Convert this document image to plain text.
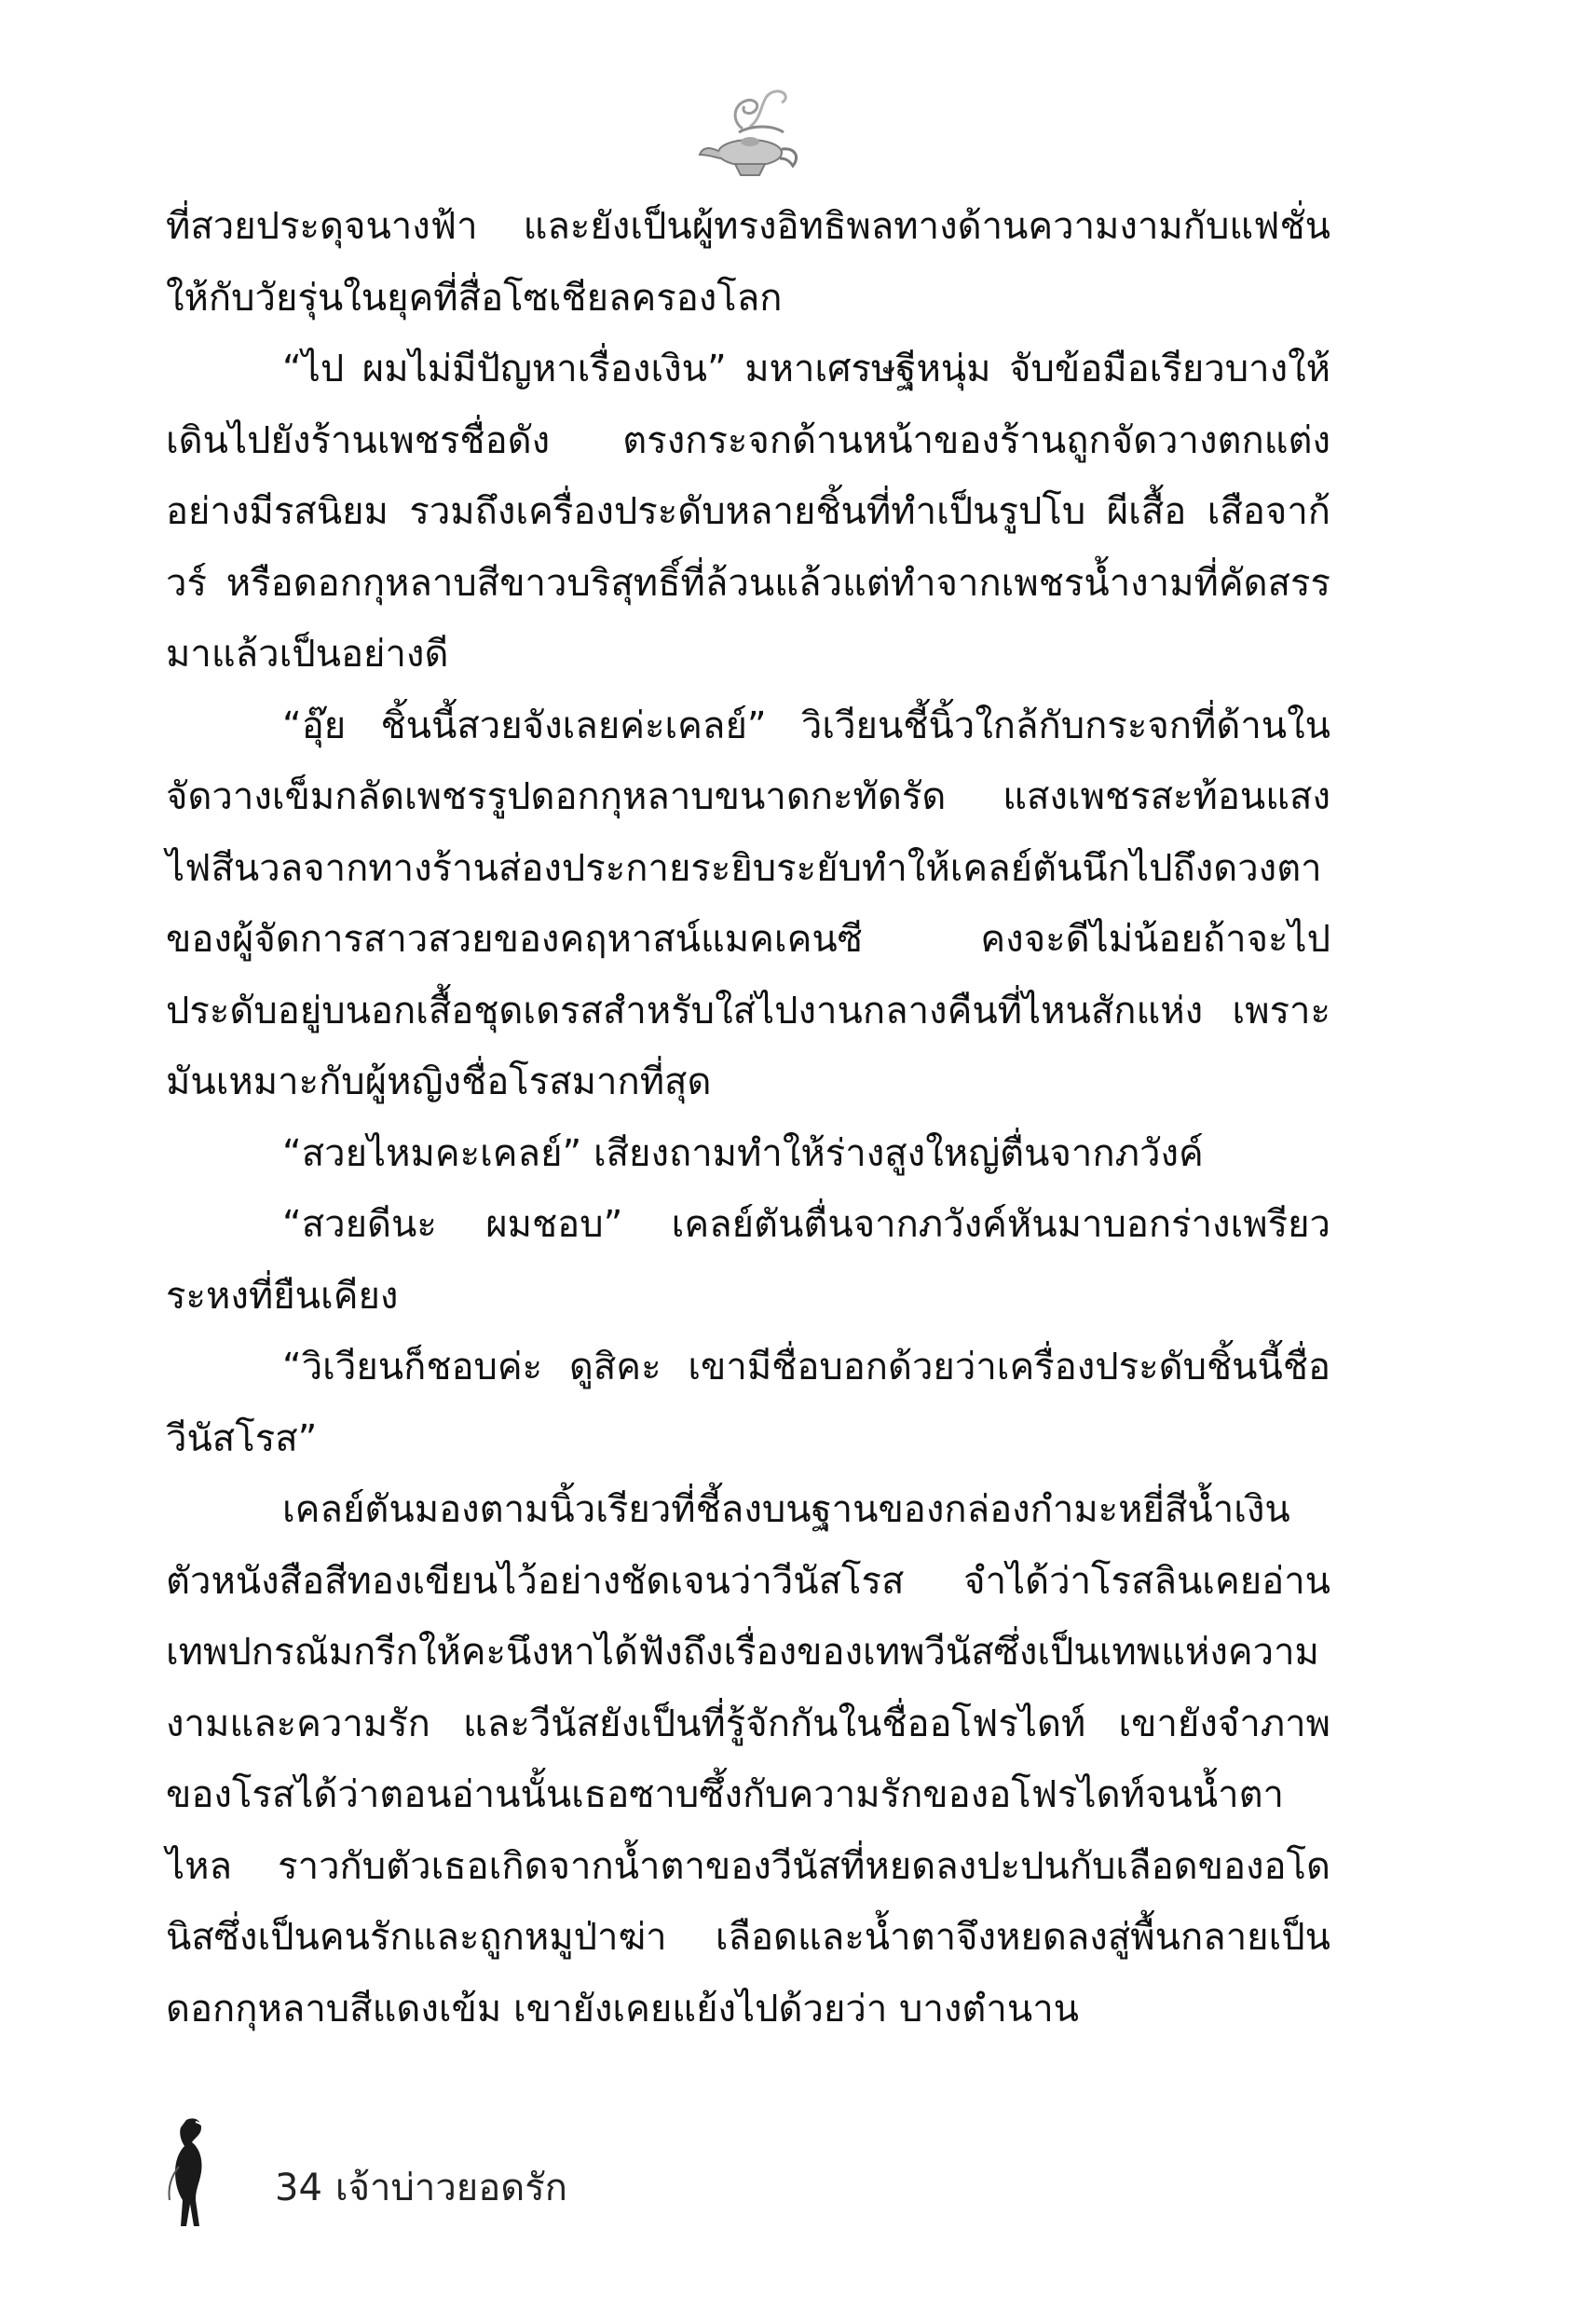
ที่สวยประดุจนางฟ้า และยังเป็นผู้ทรงอิทธิพลทางด้านความงามกับแฟชั่นให้กับวัยรุ่นในยุคที่สื่อโซเชียลครองโลก

“ไป ผมไม่มีปัญหาเรื่องเงิน” มหาเศรษฐีหนุ่ม จับข้อมือเรียวบางให้เดินไปยังร้านเพชรชื่อดัง ตรงกระจกด้านหน้าของร้านถูกจัดวางตกแต่งอย่างมีรสนิยม รวมถึงเครื่องประดับหลายชิ้นที่ทำเป็นรูปโบ ผีเสื้อ เสือจาก้วร์ หรือดอกกุหลาบสีขาวบริสุทธิ์ที่ล้วนแล้วแต่ทำจากเพชรน้ำงามที่คัดสรรมาแล้วเป็นอย่างดี

“อุ๊ย ชิ้นนี้สวยจังเลยค่ะเคลย์” วิเวียนชี้นิ้วใกล้กับกระจกที่ด้านในจัดวางเข็มกลัดเพชรรูปดอกกุหลาบขนาดกะทัดรัด แสงเพชรสะท้อนแสงไฟสีนวลจากทางร้านส่องประกายระยิบระยับทำให้เคลย์ตันนึกไปถึงดวงตาของผู้จัดการสาวสวยของคฤหาสน์แมคเคนซี คงจะดีไม่น้อยถ้าจะไปประดับอยู่บนอกเสื้อชุดเดรสสำหรับใส่ไปงานกลางคืนที่ไหนสักแห่ง เพราะมันเหมาะกับผู้หญิงชื่อโรสมากที่สุด

“สวยไหมคะเคลย์” เสียงถามทำให้ร่างสูงใหญ่ตื่นจากภวังค์

“สวยดีนะ ผมชอบ” เคลย์ตันตื่นจากภวังค์หันมาบอกร่างเพรียวระหงที่ยืนเคียง

“วิเวียนก็ชอบค่ะ ดูสิคะ เขามีชื่อบอกด้วยว่าเครื่องประดับชิ้นนี้ชื่อวีนัสโรส”

เคลย์ตันมองตามนิ้วเรียวที่ชี้ลงบนฐานของกล่องกำมะหยี่สีน้ำเงินตัวหนังสือสีทองเขียนไว้อย่างชัดเจนว่าวีนัสโรส จำได้ว่าโรสลินเคยอ่านเทพปกรณัมกรีกให้คะนึงหาได้ฟังถึงเรื่องของเทพวีนัสซึ่งเป็นเทพแห่งความงามและความรัก และวีนัสยังเป็นที่รู้จักกันในชื่ออโฟรไดท์ เขายังจำภาพของโรสได้ว่าตอนอ่านนั้นเธอซาบซึ้งกับความรักของอโฟรไดท์จนน้ำตาไหล ราวกับตัวเธอเกิดจากน้ำตาของวีนัสที่หยดลงปะปนกับเลือดของอโดนิสซึ่งเป็นคนรักและถูกหมูป่าฆ่า เลือดและน้ำตาจึงหยดลงสู่พื้นกลายเป็นดอกกุหลาบสีแดงเข้ม เขายังเคยแย้งไปด้วยว่า บางตำนาน

34 เจ้าบ่าวยอดรัก
